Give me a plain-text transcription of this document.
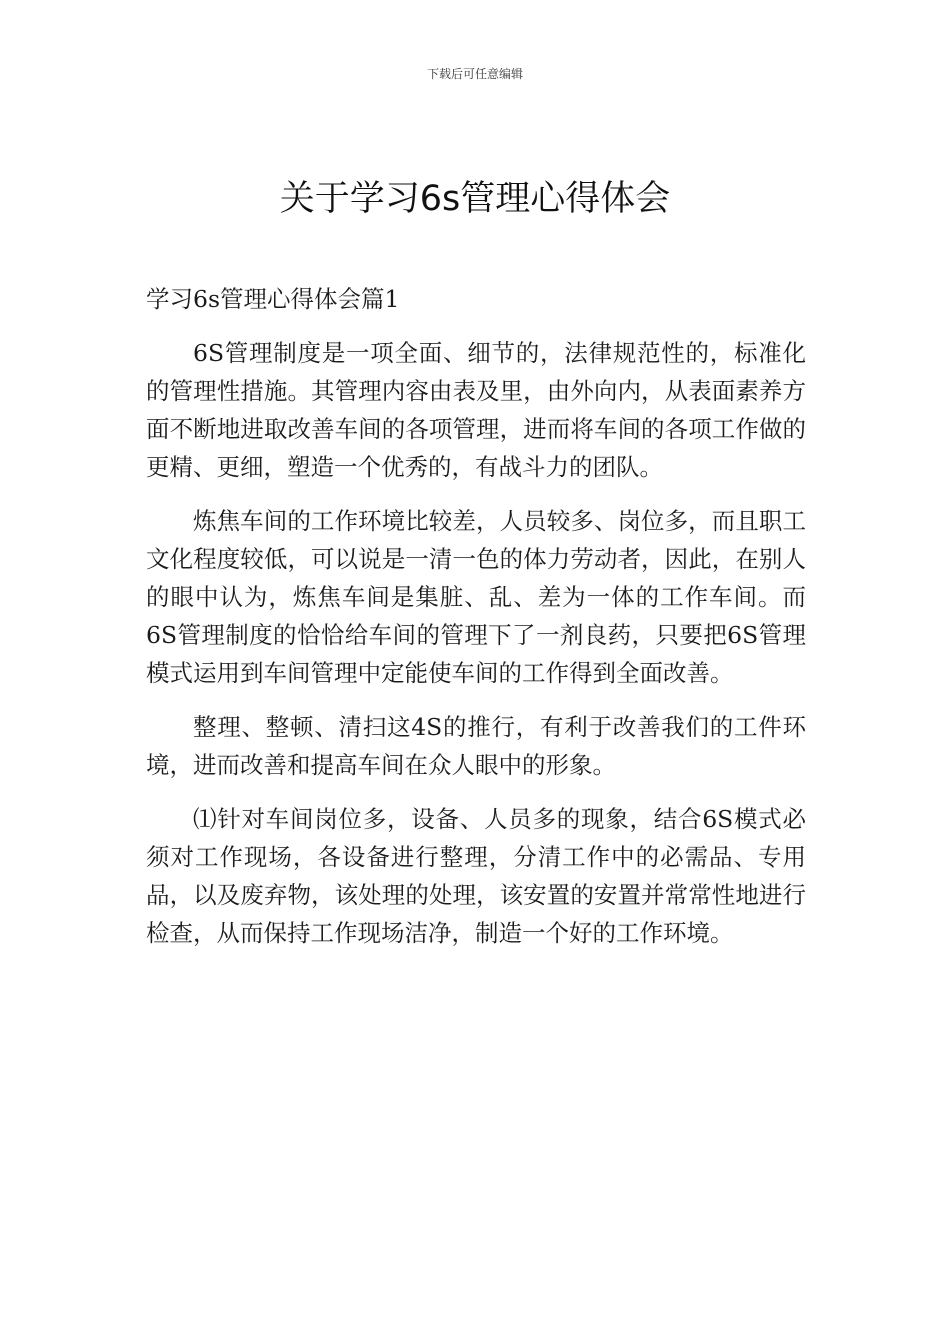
下载后可任意编辑
关于学习6s管理心得体会
学习6s管理心得体会篇1

6S管理制度是一项全面、细节的，法律规范性的，标准化的管理性措施。其管理内容由表及里，由外向内，从表面素养方面不断地进取改善车间的各项管理，进而将车间的各项工作做的更精、更细，塑造一个优秀的，有战斗力的团队。

炼焦车间的工作环境比较差，人员较多、岗位多，而且职工文化程度较低，可以说是一清一色的体力劳动者，因此，在别人的眼中认为，炼焦车间是集脏、乱、差为一体的工作车间。而6S管理制度的恰恰给车间的管理下了一剂良药，只要把6S管理模式运用到车间管理中定能使车间的工作得到全面改善。

整理、整顿、清扫这4S的推行，有利于改善我们的工件环境，进而改善和提高车间在众人眼中的形象。

⑴针对车间岗位多，设备、人员多的现象，结合6S模式必须对工作现场，各设备进行整理，分清工作中的必需品、专用品，以及废弃物，该处理的处理，该安置的安置并常常性地进行检查，从而保持工作现场洁净，制造一个好的工作环境。
